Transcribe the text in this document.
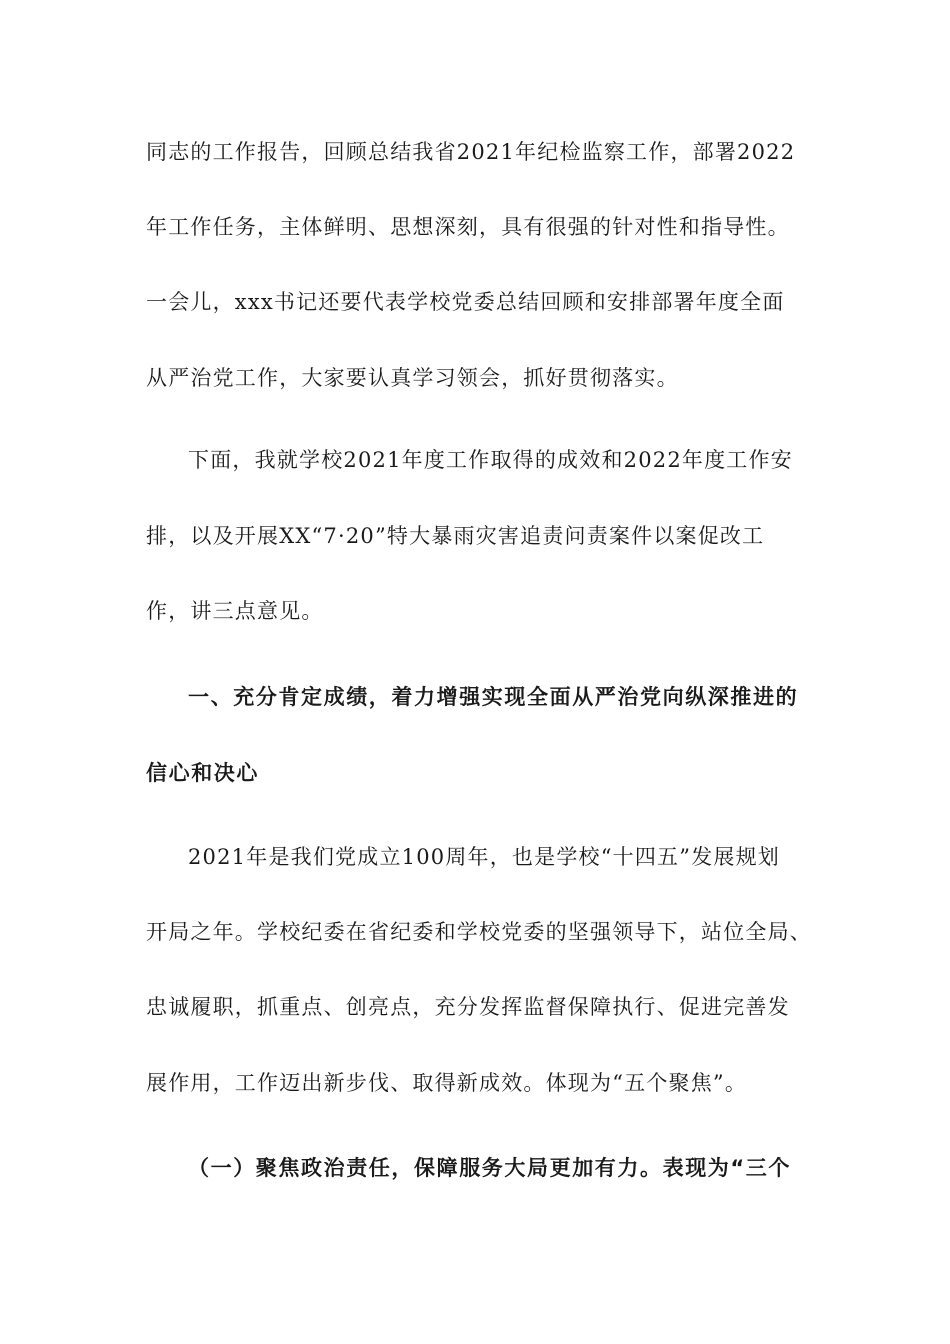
同志的工作报告，回顾总结我省2021年纪检监察工作，部署2022
年工作任务，主体鲜明、思想深刻，具有很强的针对性和指导性。
一会儿，xxx书记还要代表学校党委总结回顾和安排部署年度全面
从严治党工作，大家要认真学习领会，抓好贯彻落实。
下面，我就学校2021年度工作取得的成效和2022年度工作安
排，以及开展XX“7·20”特大暴雨灾害追责问责案件以案促改工
作，讲三点意见。
一、充分肯定成绩，着力增强实现全面从严治党向纵深推进的
信心和决心
2021年是我们党成立100周年，也是学校“十四五”发展规划
开局之年。学校纪委在省纪委和学校党委的坚强领导下，站位全局、
忠诚履职，抓重点、创亮点，充分发挥监督保障执行、促进完善发
展作用，工作迈出新步伐、取得新成效。体现为“五个聚焦”。
（一）聚焦政治责任，保障服务大局更加有力。表现为“三个
